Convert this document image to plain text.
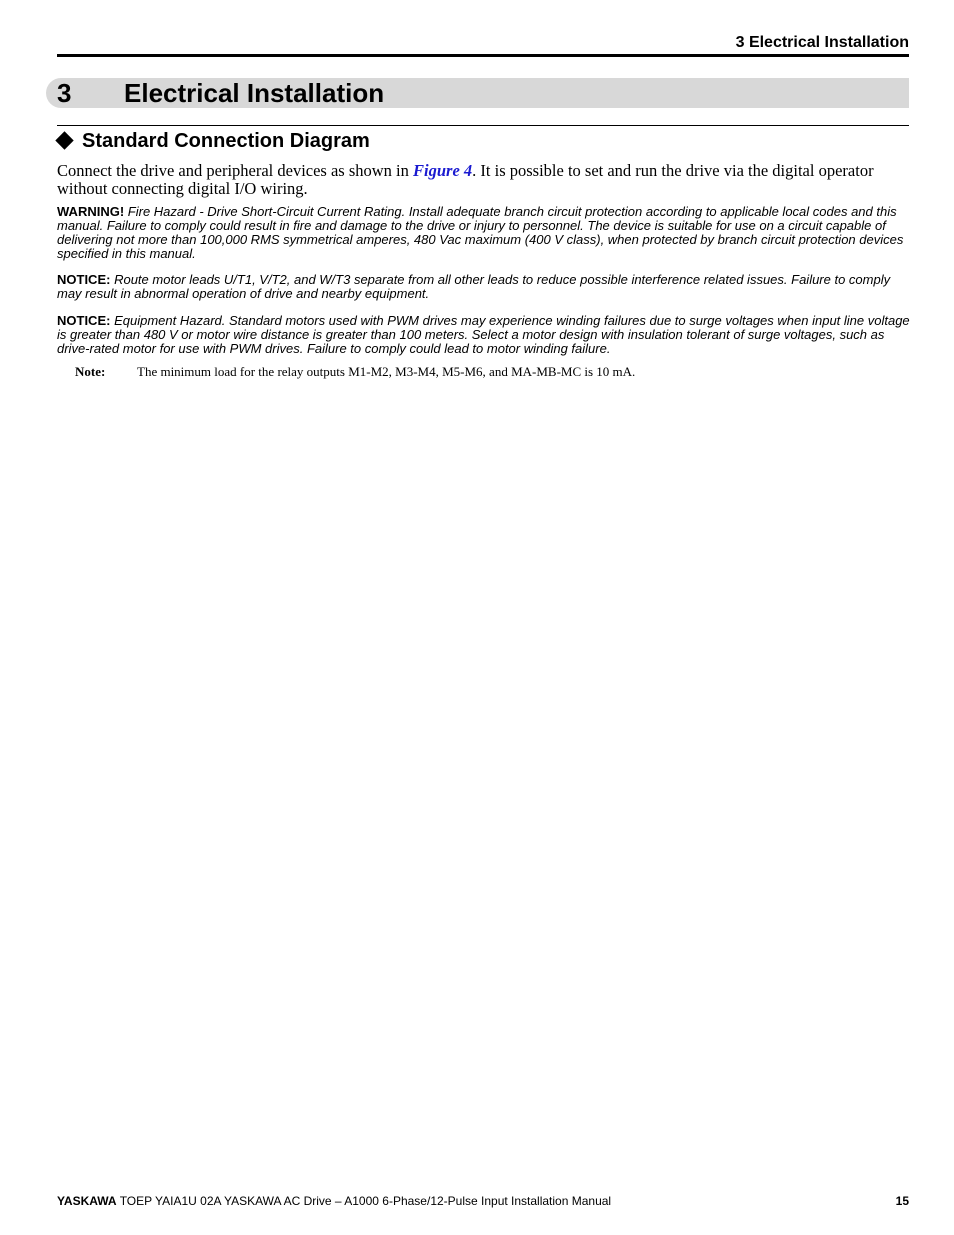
3 Electrical Installation
3 Electrical Installation
Standard Connection Diagram
Connect the drive and peripheral devices as shown in Figure 4. It is possible to set and run the drive via the digital operator without connecting digital I/O wiring.
WARNING! Fire Hazard - Drive Short-Circuit Current Rating. Install adequate branch circuit protection according to applicable local codes and this manual. Failure to comply could result in fire and damage to the drive or injury to personnel. The device is suitable for use on a circuit capable of delivering not more than 100,000 RMS symmetrical amperes, 480 Vac maximum (400 V class), when protected by branch circuit protection devices specified in this manual.
NOTICE: Route motor leads U/T1, V/T2, and W/T3 separate from all other leads to reduce possible interference related issues. Failure to comply may result in abnormal operation of drive and nearby equipment.
NOTICE: Equipment Hazard. Standard motors used with PWM drives may experience winding failures due to surge voltages when input line voltage is greater than 480 V or motor wire distance is greater than 100 meters. Select a motor design with insulation tolerant of surge voltages, such as drive-rated motor for use with PWM drives. Failure to comply could lead to motor winding failure.
Note: The minimum load for the relay outputs M1-M2, M3-M4, M5-M6, and MA-MB-MC is 10 mA.
YASKAWA TOEP YAIA1U 02A YASKAWA AC Drive – A1000 6-Phase/12-Pulse Input Installation Manual	15
